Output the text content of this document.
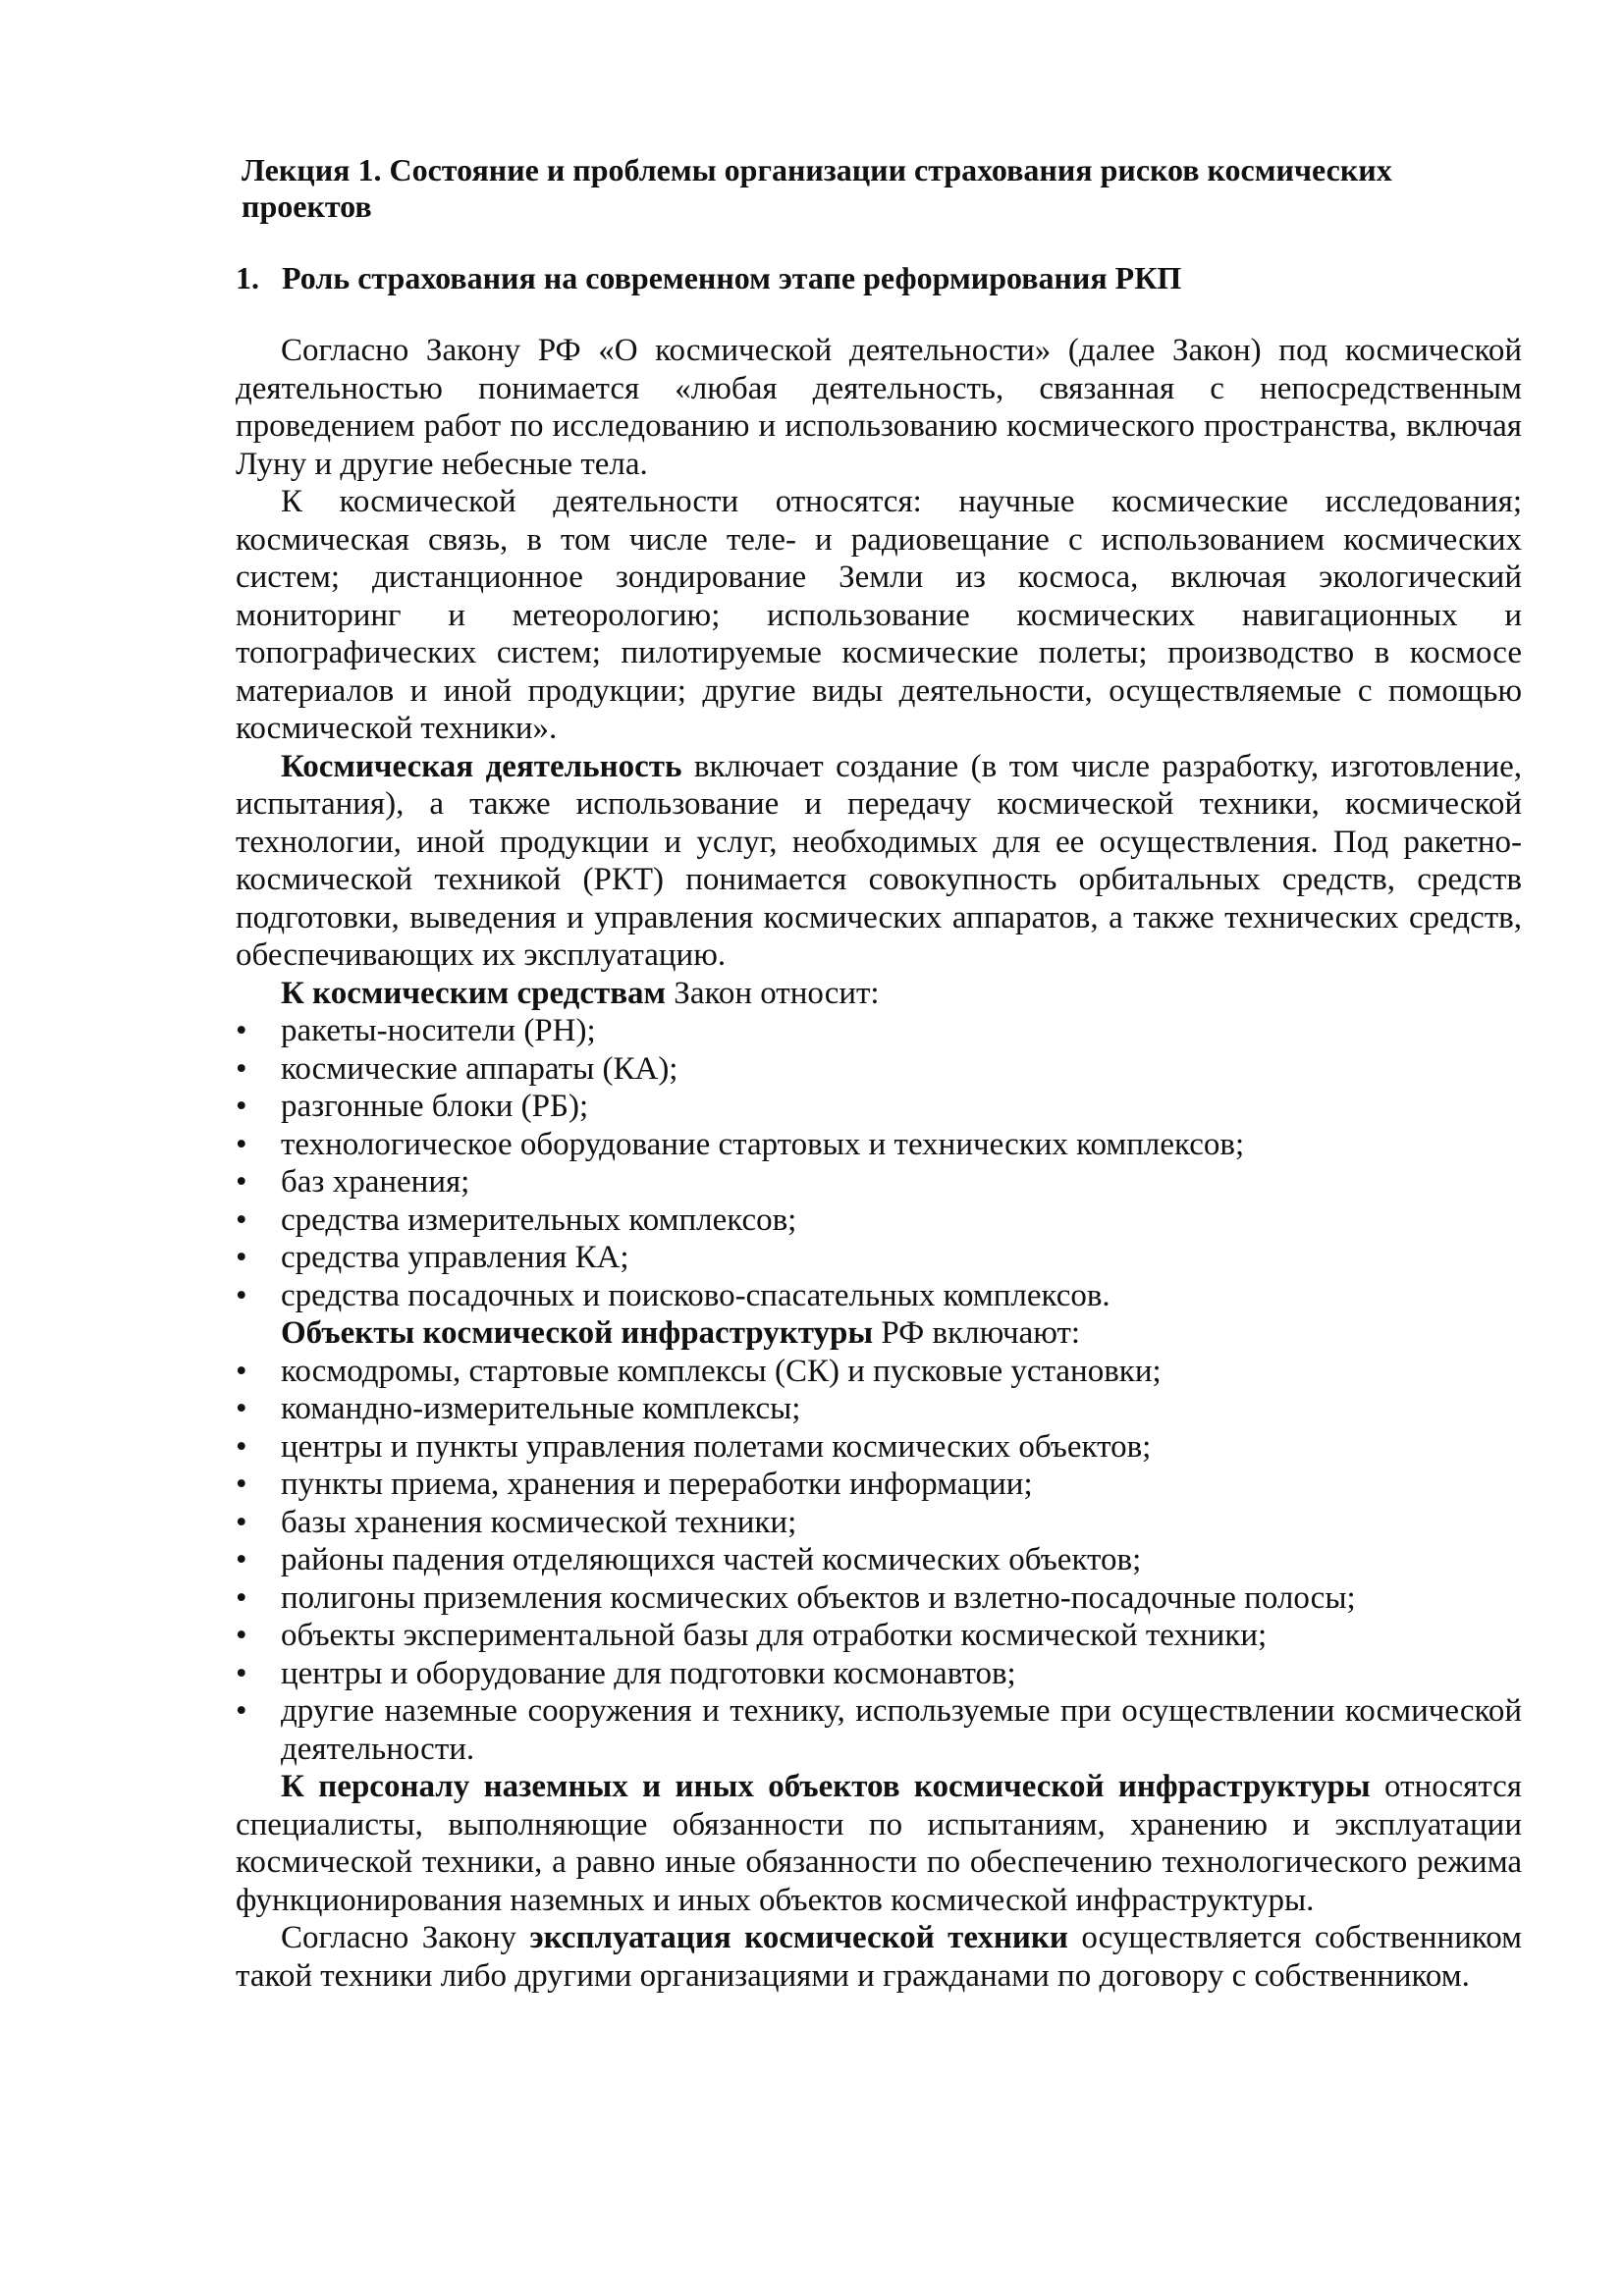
Лекция 1. Состояние и проблемы организации страхования рисков космических проектов
1. Роль страхования на современном этапе реформирования РКП

Согласно Закону РФ «О космической деятельности» (далее Закон) под космической деятельностью понимается «любая деятельность, связанная с непосредственным проведением работ по исследованию и использованию космического пространства, включая Луну и другие небесные тела.

К космической деятельности относятся: научные космические исследования; космическая связь, в том числе теле- и радиовещание с использованием космических систем; дистанционное зондирование Земли из космоса, включая экологический мониторинг и метеорологию; использование космических навигационных и топографических систем; пилотируемые космические полеты; производство в космосе материалов и иной продукции; другие виды деятельности, осуществляемые с помощью космической техники».

Космическая деятельность включает создание (в том числе разработку, изготовление, испытания), а также использование и передачу космической техники, космической технологии, иной продукции и услуг, необходимых для ее осуществления. Под ракетно-космической техникой (РКТ) понимается совокупность орбитальных средств, средств подготовки, выведения и управления космических аппаратов, а также технических средств, обеспечивающих их эксплуатацию.

К космическим средствам Закон относит:
• ракеты-носители (РН);
• космические аппараты (КА);
• разгонные блоки (РБ);
• технологическое оборудование стартовых и технических комплексов;
• баз хранения;
• средства измерительных комплексов;
• средства управления КА;
• средства посадочных и поисково-спасательных комплексов.
Объекты космической инфраструктуры РФ включают:
• космодромы, стартовые комплексы (СК) и пусковые установки;
• командно-измерительные комплексы;
• центры и пункты управления полетами космических объектов;
• пункты приема, хранения и переработки информации;
• базы хранения космической техники;
• районы падения отделяющихся частей космических объектов;
• полигоны приземления космических объектов и взлетно-посадочные полосы;
• объекты экспериментальной базы для отработки космической техники;
• центры и оборудование для подготовки космонавтов;
• другие наземные сооружения и технику, используемые при осуществлении космической деятельности.

К персоналу наземных и иных объектов космической инфраструктуры относятся специалисты, выполняющие обязанности по испытаниям, хранению и эксплуатации космической техники, а равно иные обязанности по обеспечению технологического режима функционирования наземных и иных объектов космической инфраструктуры.

Согласно Закону эксплуатация космической техники осуществляется собственником такой техники либо другими организациями и гражданами по договору с собственником.
